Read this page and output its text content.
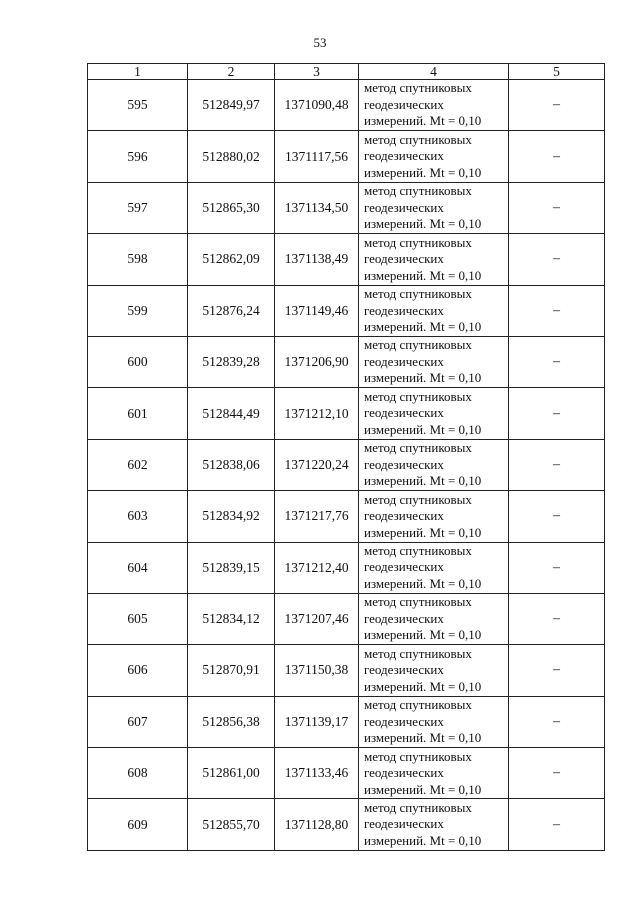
53
1	2	3	4	5
595	512849,97	1371090,48	метод спутниковых
геодезических
измерений. Mt = 0,10	–
596	512880,02	1371117,56	метод спутниковых
геодезических
измерений. Mt = 0,10	–
597	512865,30	1371134,50	метод спутниковых
геодезических
измерений. Mt = 0,10	–
598	512862,09	1371138,49	метод спутниковых
геодезических
измерений. Mt = 0,10	–
599	512876,24	1371149,46	метод спутниковых
геодезических
измерений. Mt = 0,10	–
600	512839,28	1371206,90	метод спутниковых
геодезических
измерений. Mt = 0,10	–
601	512844,49	1371212,10	метод спутниковых
геодезических
измерений. Mt = 0,10	–
602	512838,06	1371220,24	метод спутниковых
геодезических
измерений. Mt = 0,10	–
603	512834,92	1371217,76	метод спутниковых
геодезических
измерений. Mt = 0,10	–
604	512839,15	1371212,40	метод спутниковых
геодезических
измерений. Mt = 0,10	–
605	512834,12	1371207,46	метод спутниковых
геодезических
измерений. Mt = 0,10	–
606	512870,91	1371150,38	метод спутниковых
геодезических
измерений. Mt = 0,10	–
607	512856,38	1371139,17	метод спутниковых
геодезических
измерений. Mt = 0,10	–
608	512861,00	1371133,46	метод спутниковых
геодезических
измерений. Mt = 0,10	–
609	512855,70	1371128,80	метод спутниковых
геодезических
измерений. Mt = 0,10	–
